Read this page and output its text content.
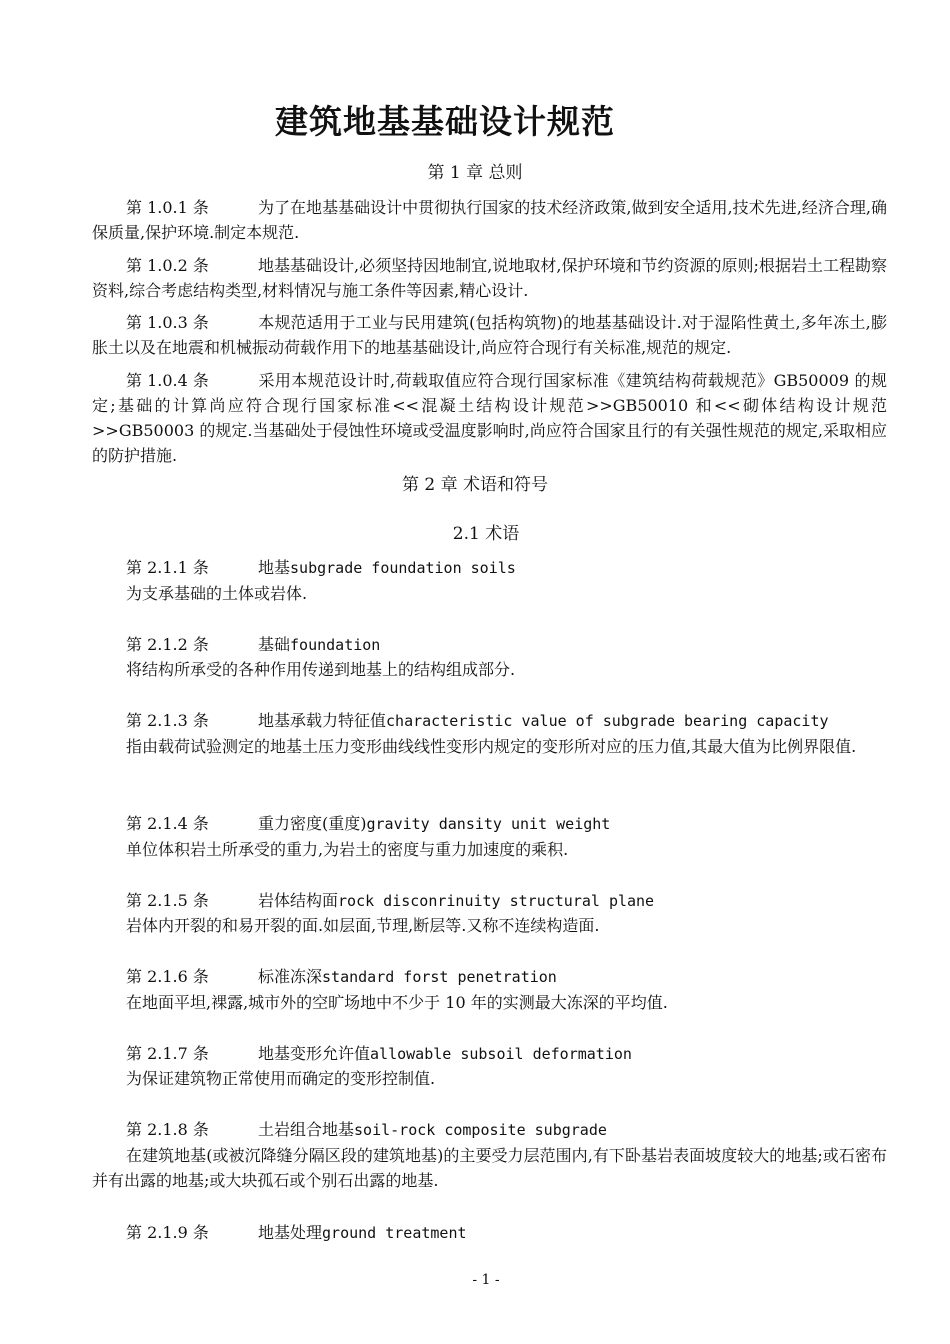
建筑地基基础设计规范
第 1 章 总则

第 1.0.1 条	为了在地基基础设计中贯彻执行国家的技术经济政策,做到安全适用,技术先进,经济合理,确保质量,保护环境.制定本规范.

第 1.0.2 条	地基基础设计,必须坚持因地制宜,说地取材,保护环境和节约资源的原则;根据岩土工程勘察资料,综合考虑结构类型,材料情况与施工条件等因素,精心设计.

第 1.0.3 条	本规范适用于工业与民用建筑(包括构筑物)的地基基础设计.对于湿陷性黄土,多年冻土,膨胀土以及在地震和机械振动荷载作用下的地基基础设计,尚应符合现行有关标准,规范的规定.

第 1.0.4 条	采用本规范设计时,荷载取值应符合现行国家标准《建筑结构荷载规范》GB50009 的规定;基础的计算尚应符合现行国家标准<<混凝土结构设计规范>>GB50010 和<<砌体结构设计规范>>GB50003 的规定.当基础处于侵蚀性环境或受温度影响时,尚应符合国家且行的有关强性规范的规定,采取相应的防护措施.

第 2 章 术语和符号
2.1 术语
第 2.1.1 条	地基subgrade foundation soils

为支承基础的土体或岩体.

第 2.1.2 条	基础foundation

将结构所承受的各种作用传递到地基上的结构组成部分.

第 2.1.3 条	地基承载力特征值characteristic value of subgrade bearing capacity

指由载荷试验测定的地基土压力变形曲线线性变形内规定的变形所对应的压力值,其最大值为比例界限值.

第 2.1.4 条	重力密度(重度)gravity dansity unit weight

单位体积岩土所承受的重力,为岩土的密度与重力加速度的乘积.

第 2.1.5 条	岩体结构面rock disconrinuity structural plane

岩体内开裂的和易开裂的面.如层面,节理,断层等.又称不连续构造面.

第 2.1.6 条	标准冻深standard forst penetration

在地面平坦,裸露,城市外的空旷场地中不少于 10 年的实测最大冻深的平均值.

第 2.1.7 条	地基变形允许值allowable subsoil deformation

为保证建筑物正常使用而确定的变形控制值.

第 2.1.8 条	土岩组合地基soil-rock composite subgrade

在建筑地基(或被沉降缝分隔区段的建筑地基)的主要受力层范围内,有下卧基岩表面坡度较大的地基;或石密布并有出露的地基;或大块孤石或个别石出露的地基.

第 2.1.9 条	地基处理ground treatment
- 1 -
